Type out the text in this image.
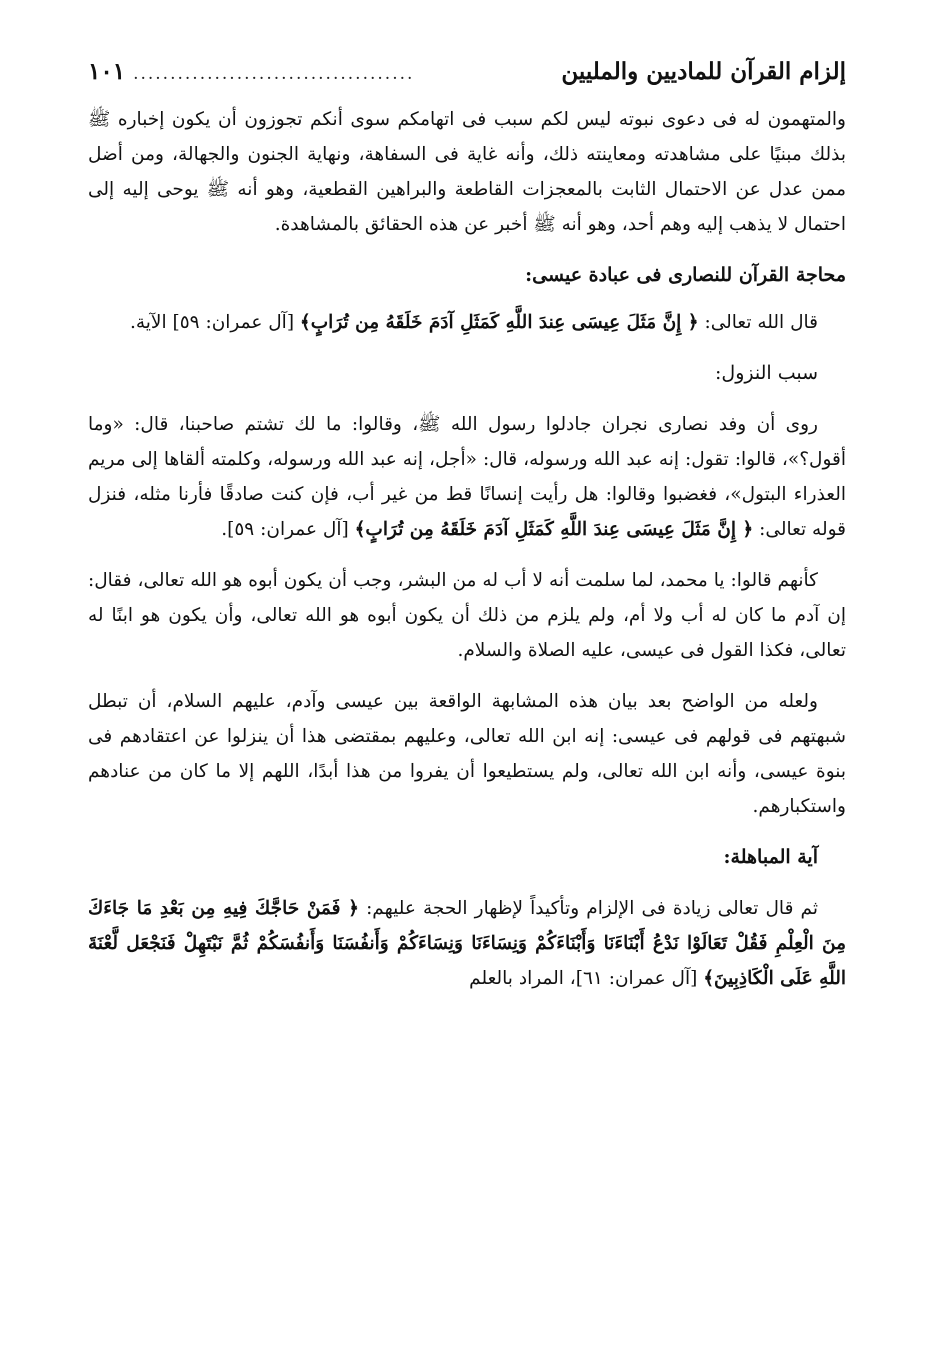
إلزام القرآن للماديين والمليين
......................................
١٠١

والمتهمون له فى دعوى نبوته ليس لكم سبب فى اتهامكم سوى أنكم تجوزون أن يكون إخباره ﷺ بذلك مبنيًا على مشاهدته ومعاينته ذلك، وأنه غاية فى السفاهة، ونهاية الجنون والجهالة، ومن أضل ممن عدل عن الاحتمال الثابت بالمعجزات القاطعة والبراهين القطعية، وهو أنه ﷺ يوحى إليه إلى احتمال لا يذهب إليه وهم أحد، وهو أنه ﷺ أخبر عن هذه الحقائق بالمشاهدة.

محاجة القرآن للنصارى فى عبادة عيسى:

قال الله تعالى: ﴿ إِنَّ مَثَلَ عِيسَى عِندَ اللَّهِ كَمَثَلِ آدَمَ خَلَقَهُ مِن تُرَابٍ﴾ [آل عمران: ٥٩] الآية.

سبب النزول:

روى أن وفد نصارى نجران جادلوا رسول الله ﷺ، وقالوا: ما لك تشتم صاحبنا، قال: «وما أقول؟»، قالوا: تقول: إنه عبد الله ورسوله، قال: «أجل، إنه عبد الله ورسوله، وكلمته ألقاها إلى مريم العذراء البتول»، فغضبوا وقالوا: هل رأيت إنسانًا قط من غير أب، فإن كنت صادقًا فأرنا مثله، فنزل قوله تعالى: ﴿ إِنَّ مَثَلَ عِيسَى عِندَ اللَّهِ كَمَثَلِ آدَمَ خَلَقَهُ مِن تُرَابٍ﴾ [آل عمران: ٥٩].

كأنهم قالوا: يا محمد، لما سلمت أنه لا أب له من البشر، وجب أن يكون أبوه هو الله تعالى، فقال: إن آدم ما كان له أب ولا أم، ولم يلزم من ذلك أن يكون أبوه هو الله تعالى، وأن يكون هو ابنًا له تعالى، فكذا القول فى عيسى، عليه الصلاة والسلام.

ولعله من الواضح بعد بيان هذه المشابهة الواقعة بين عيسى وآدم، عليهم السلام، أن تبطل شبهتهم فى قولهم فى عيسى: إنه ابن الله تعالى، وعليهم بمقتضى هذا أن ينزلوا عن اعتقادهم فى بنوة عيسى، وأنه ابن الله تعالى، ولم يستطيعوا أن يفروا من هذا أبدًا، اللهم إلا ما كان من عنادهم واستكبارهم.

آية المباهلة:

ثم قال تعالى زيادة فى الإلزام وتأكيداً لإظهار الحجة عليهم: ﴿ فَمَنْ حَاجَّكَ فِيهِ مِن بَعْدِ مَا جَاءَكَ مِنَ الْعِلْمِ فَقُلْ تَعَالَوْا نَدْعُ أَبْنَاءَنَا وَأَبْنَاءَكُمْ وَنِسَاءَنَا وَنِسَاءَكُمْ وَأَنفُسَنَا وَأَنفُسَكُمْ ثُمَّ نَبْتَهِلْ فَنَجْعَل لَّعْنَةَ اللَّهِ عَلَى الْكَاذِبِينَ﴾ [آل عمران: ٦١]، المراد بالعلم
